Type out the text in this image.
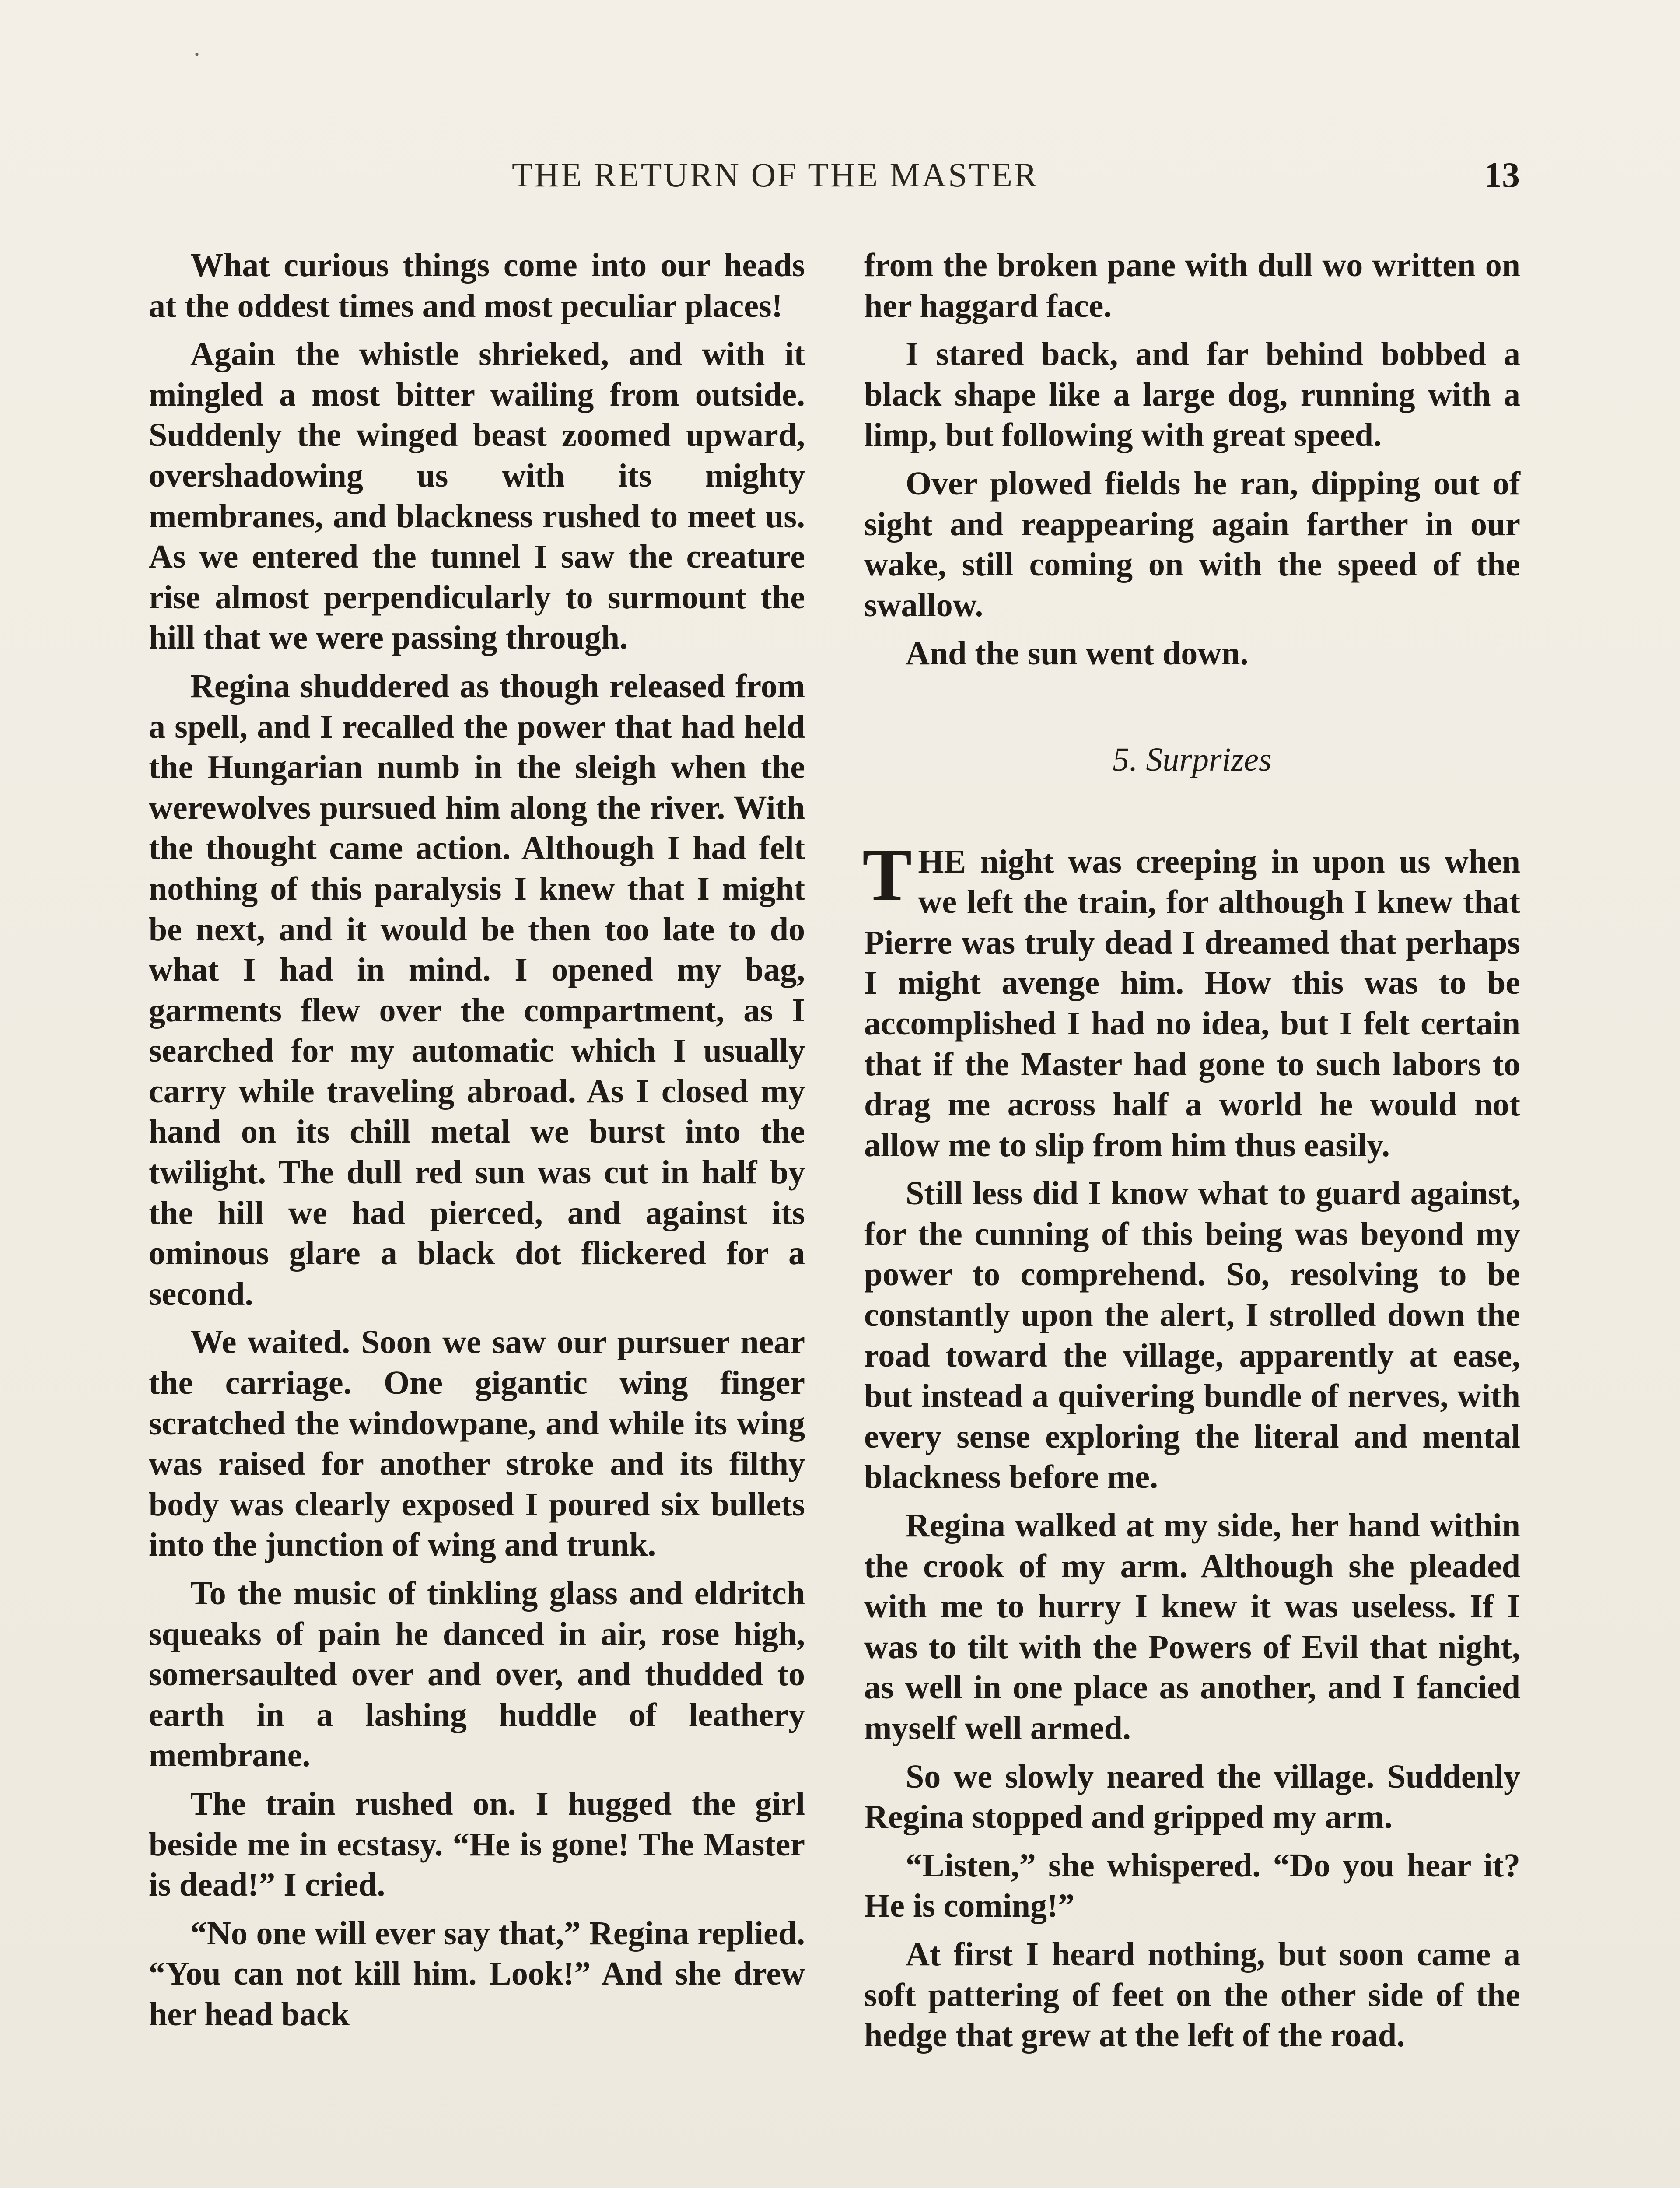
THE RETURN OF THE MASTER	13

What curious things come into our heads at the oddest times and most peculiar places!

Again the whistle shrieked, and with it mingled a most bitter wailing from outside. Suddenly the winged beast zoomed upward, overshadowing us with its mighty membranes, and blackness rushed to meet us. As we entered the tunnel I saw the creature rise almost perpendicularly to surmount the hill that we were passing through.

Regina shuddered as though released from a spell, and I recalled the power that had held the Hungarian numb in the sleigh when the werewolves pursued him along the river. With the thought came action. Although I had felt nothing of this paralysis I knew that I might be next, and it would be then too late to do what I had in mind. I opened my bag, garments flew over the compartment, as I searched for my automatic which I usually carry while traveling abroad. As I closed my hand on its chill metal we burst into the twilight. The dull red sun was cut in half by the hill we had pierced, and against its ominous glare a black dot flickered for a second.

We waited. Soon we saw our pursuer near the carriage. One gigantic wing finger scratched the windowpane, and while its wing was raised for another stroke and its filthy body was clearly exposed I poured six bullets into the junction of wing and trunk.

To the music of tinkling glass and eldritch squeaks of pain he danced in air, rose high, somersaulted over and over, and thudded to earth in a lashing huddle of leathery membrane.

The train rushed on. I hugged the girl beside me in ecstasy. “He is gone! The Master is dead!” I cried.

“No one will ever say that,” Regina replied. “You can not kill him. Look!” And she drew her head back

from the broken pane with dull wo written on her haggard face.

I stared back, and far behind bobbed a black shape like a large dog, running with a limp, but following with great speed.

Over plowed fields he ran, dipping out of sight and reappearing again farther in our wake, still coming on with the speed of the swallow.

And the sun went down.

5. Surprizes

THE night was creeping in upon us when we left the train, for although I knew that Pierre was truly dead I dreamed that perhaps I might avenge him. How this was to be accomplished I had no idea, but I felt certain that if the Master had gone to such labors to drag me across half a world he would not allow me to slip from him thus easily.

Still less did I know what to guard against, for the cunning of this being was beyond my power to comprehend. So, resolving to be constantly upon the alert, I strolled down the road toward the village, apparently at ease, but instead a quivering bundle of nerves, with every sense exploring the literal and mental blackness before me.

Regina walked at my side, her hand within the crook of my arm. Although she pleaded with me to hurry I knew it was useless. If I was to tilt with the Powers of Evil that night, as well in one place as another, and I fancied myself well armed.

So we slowly neared the village. Suddenly Regina stopped and gripped my arm.

“Listen,” she whispered. “Do you hear it? He is coming!”

At first I heard nothing, but soon came a soft pattering of feet on the other side of the hedge that grew at the left of the road.

·
